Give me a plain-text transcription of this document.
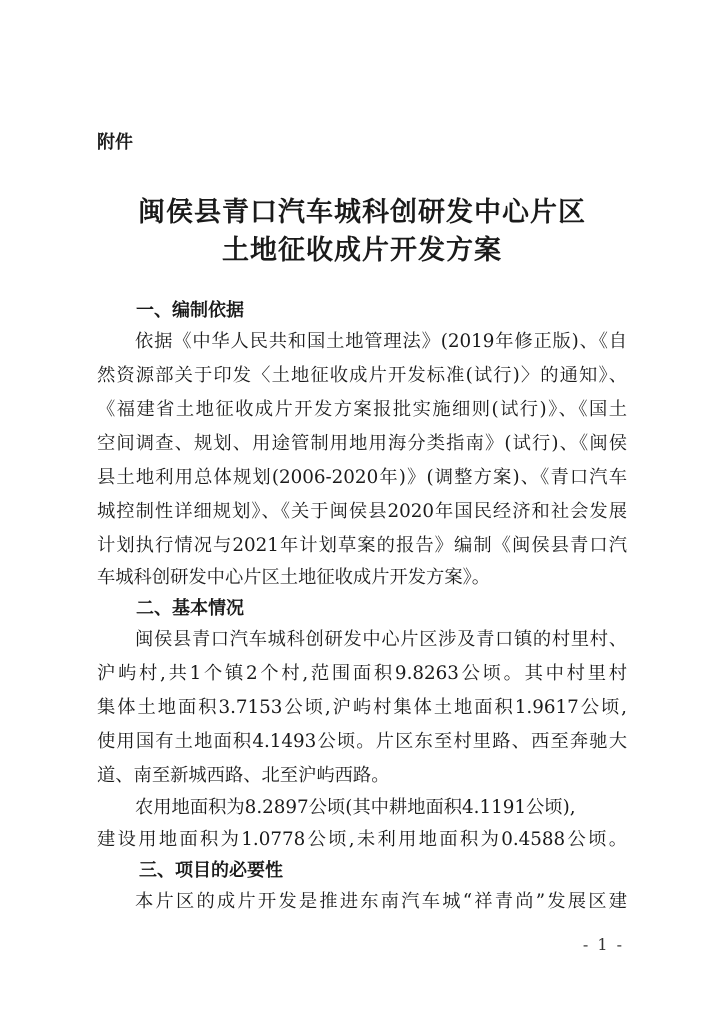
附件
闽侯县青口汽车城科创研发中心片区
土地征收成片开发方案
一、编制依据
依据《中华人民共和国土地管理法》(2019年修正版)、《自
然资源部关于印发〈土地征收成片开发标准(试行)〉的通知》、
《福建省土地征收成片开发方案报批实施细则(试行)》、《国土
空间调查、规划、用途管制用地用海分类指南》(试行)、《闽侯
县土地利用总体规划(2006-2020年)》(调整方案)、《青口汽车
城控制性详细规划》、《关于闽侯县2020年国民经济和社会发展
计划执行情况与2021年计划草案的报告》编制《闽侯县青口汽
车城科创研发中心片区土地征收成片开发方案》。
二、基本情况
闽侯县青口汽车城科创研发中心片区涉及青口镇的村里村、
沪屿村,共1个镇2个村,范围面积9.8263公顷。其中村里村
集体土地面积3.7153公顷,沪屿村集体土地面积1.9617公顷,
使用国有土地面积4.1493公顷。片区东至村里路、西至奔驰大
道、南至新城西路、北至沪屿西路。
农用地面积为8.2897公顷(其中耕地面积4.1191公顷),
建设用地面积为1.0778公顷,未利用地面积为0.4588公顷。
三、项目的必要性
本片区的成片开发是推进东南汽车城“祥青尚”发展区建
- 1 -
